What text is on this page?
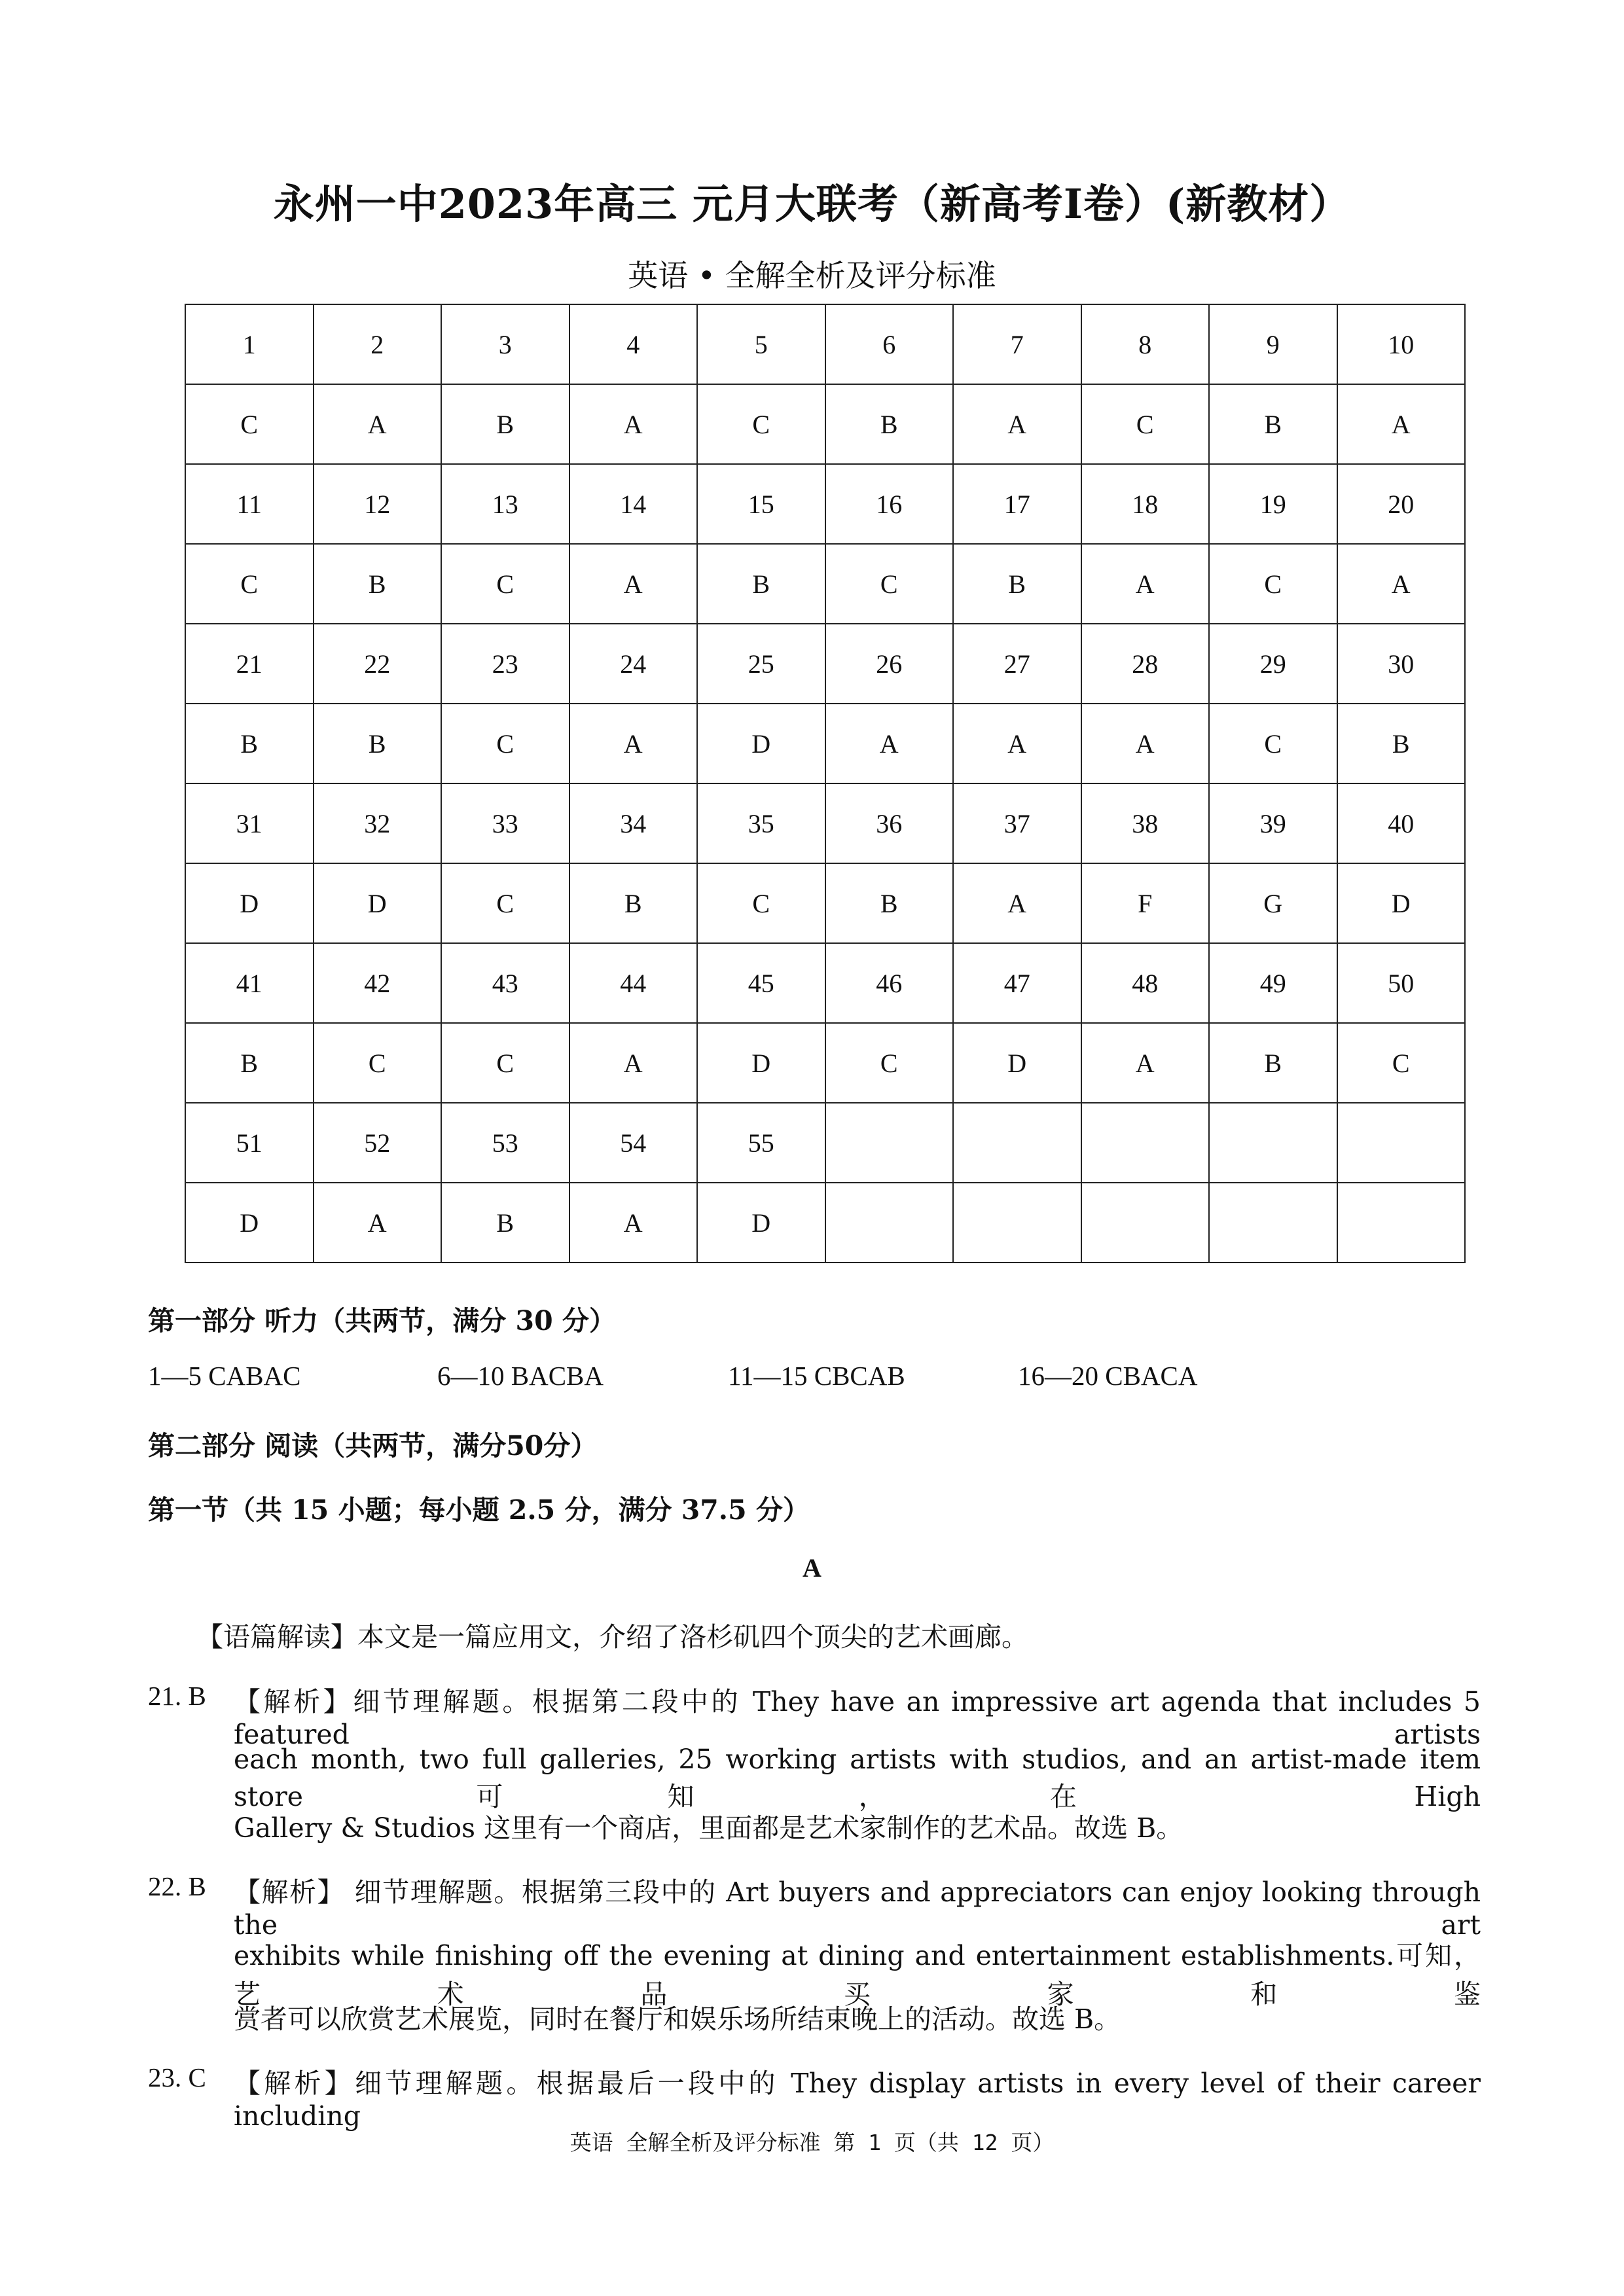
永州一中2023年高三 元月大联考（新高考Ⅰ卷）(新教材）
英语 • 全解全析及评分标准
1	2	3	4	5	6	7	8	9	10
C	A	B	A	C	B	A	C	B	A
11	12	13	14	15	16	17	18	19	20
C	B	C	A	B	C	B	A	C	A
21	22	23	24	25	26	27	28	29	30
B	B	C	A	D	A	A	A	C	B
31	32	33	34	35	36	37	38	39	40
D	D	C	B	C	B	A	F	G	D
41	42	43	44	45	46	47	48	49	50
B	C	C	A	D	C	D	A	B	C
51	52	53	54	55					
D	A	B	A	D					
第一部分 听力（共两节，满分 30 分）
1—5 CABAC	6—10 BACBA	11—15 CBCAB	16—20 CBACA
第二部分 阅读（共两节，满分50分）
第一节（共 15 小题；每小题 2.5 分，满分 37.5 分）
A
【语篇解读】本文是一篇应用文，介绍了洛杉矶四个顶尖的艺术画廊。
21. B 【解析】细节理解题。根据第二段中的 They have an impressive art agenda that includes 5 featured artists
each month, two full galleries, 25 working artists with studios, and an artist-made item store 可知，在 High
Gallery & Studios 这里有一个商店，里面都是艺术家制作的艺术品。故选 B。
22. B 【解析】 细节理解题。根据第三段中的 Art buyers and appreciators can enjoy looking through the art
exhibits while finishing off the evening at dining and entertainment establishments.可知，艺术品买家和鉴
赏者可以欣赏艺术展览，同时在餐厅和娱乐场所结束晚上的活动。故选 B。
23. C 【解析】细节理解题。根据最后一段中的 They display artists in every level of their career including
英语 全解全析及评分标准 第 1 页（共 12 页）
